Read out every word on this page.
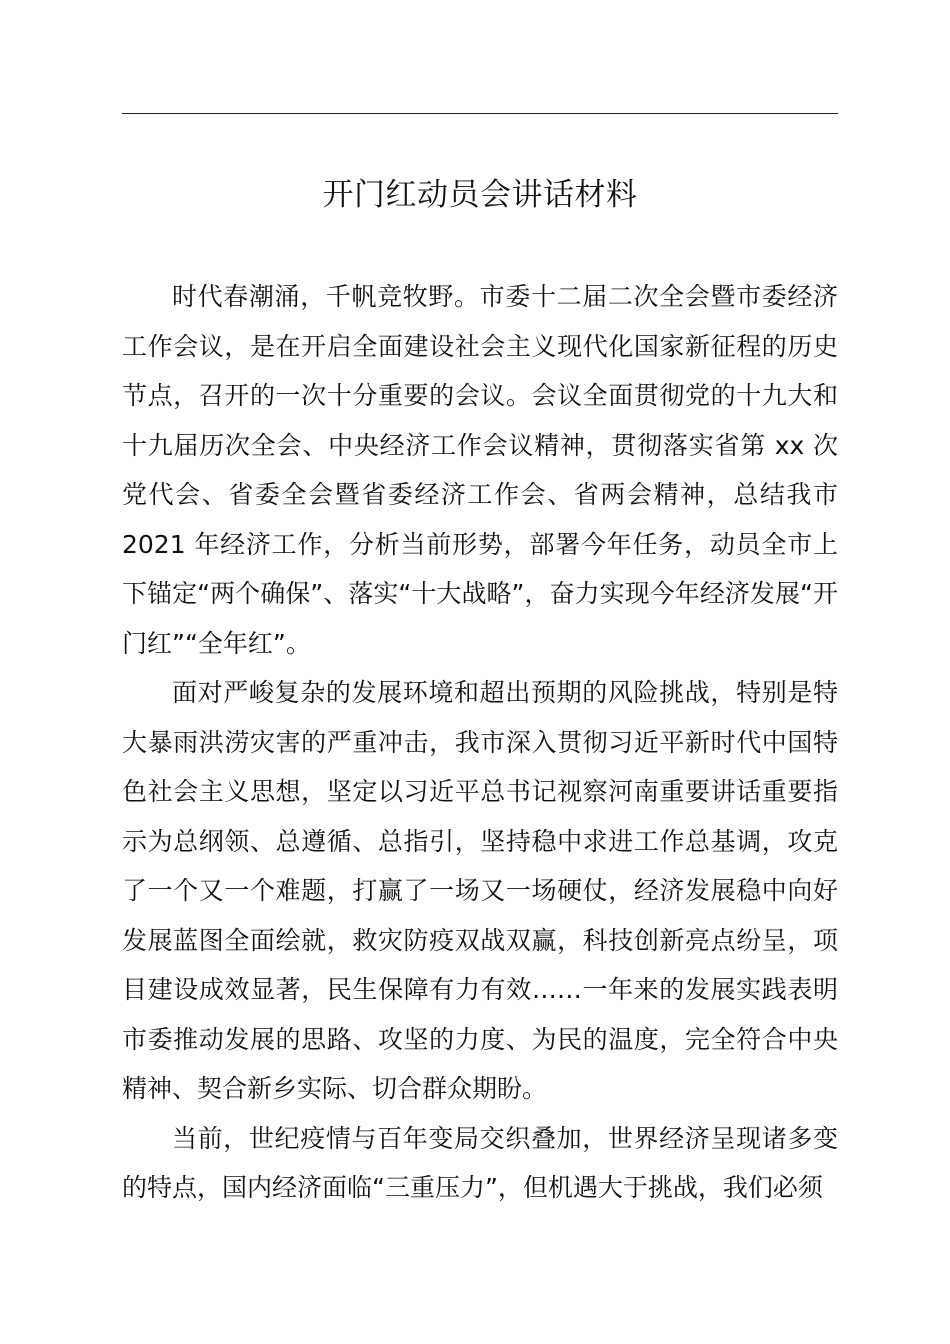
开门红动员会讲话材料

时代春潮涌，千帆竞牧野。市委十二届二次全会暨市委经济工作会议，是在开启全面建设社会主义现代化国家新征程的历史节点，召开的一次十分重要的会议。会议全面贯彻党的十九大和十九届历次全会、中央经济工作会议精神，贯彻落实省第 xx 次党代会、省委全会暨省委经济工作会、省两会精神，总结我市 2021 年经济工作，分析当前形势，部署今年任务，动员全市上下锚定“两个确保”、落实“十大战略”，奋力实现今年经济发展“开门红”“全年红”。

面对严峻复杂的发展环境和超出预期的风险挑战，特别是特大暴雨洪涝灾害的严重冲击，我市深入贯彻习近平新时代中国特色社会主义思想，坚定以习近平总书记视察河南重要讲话重要指示为总纲领、总遵循、总指引，坚持稳中求进工作总基调，攻克了一个又一个难题，打赢了一场又一场硬仗，经济发展稳中向好发展蓝图全面绘就，救灾防疫双战双赢，科技创新亮点纷呈，项目建设成效显著，民生保障有力有效……一年来的发展实践表明市委推动发展的思路、攻坚的力度、为民的温度，完全符合中央精神、契合新乡实际、切合群众期盼。

当前，世纪疫情与百年变局交织叠加，世界经济呈现诸多变的特点，国内经济面临“三重压力”，但机遇大于挑战，我们必须
